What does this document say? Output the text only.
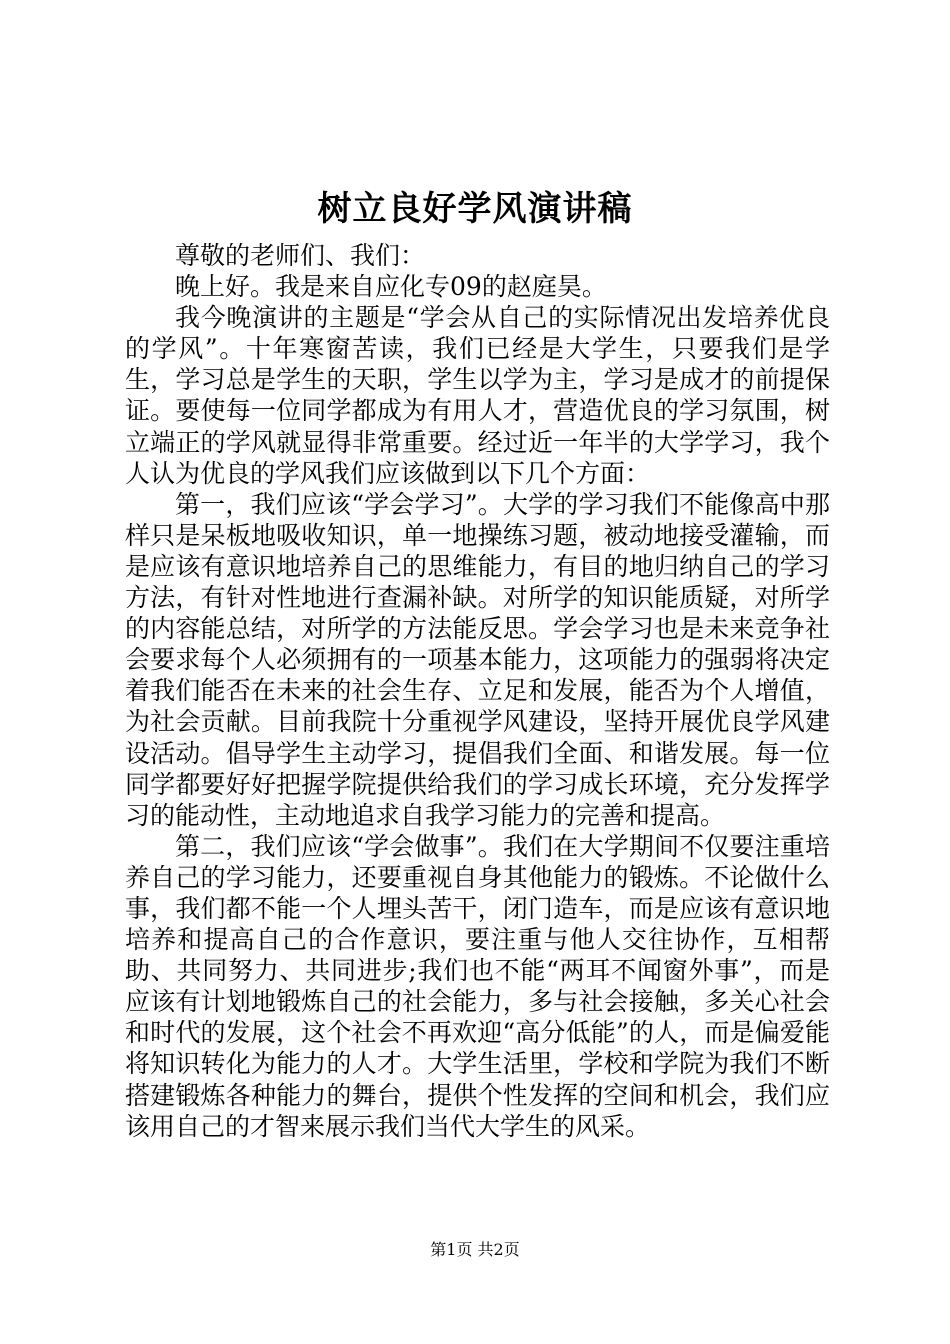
树立良好学风演讲稿

尊敬的老师们、我们：

晚上好。我是来自应化专09的赵庭昊。

我今晚演讲的主题是“学会从自己的实际情况出发培养优良的学风”。十年寒窗苦读，我们已经是大学生，只要我们是学生，学习总是学生的天职，学生以学为主，学习是成才的前提保证。要使每一位同学都成为有用人才，营造优良的学习氛围，树立端正的学风就显得非常重要。经过近一年半的大学学习，我个人认为优良的学风我们应该做到以下几个方面：

第一，我们应该“学会学习”。大学的学习我们不能像高中那样只是呆板地吸收知识，单一地操练习题，被动地接受灌输，而是应该有意识地培养自己的思维能力，有目的地归纳自己的学习方法，有针对性地进行查漏补缺。对所学的知识能质疑，对所学的内容能总结，对所学的方法能反思。学会学习也是未来竞争社会要求每个人必须拥有的一项基本能力，这项能力的强弱将决定着我们能否在未来的社会生存、立足和发展，能否为个人增值，为社会贡献。目前我院十分重视学风建设，坚持开展优良学风建设活动。倡导学生主动学习，提倡我们全面、和谐发展。每一位同学都要好好把握学院提供给我们的学习成长环境，充分发挥学习的能动性，主动地追求自我学习能力的完善和提高。

第二，我们应该“学会做事”。我们在大学期间不仅要注重培养自己的学习能力，还要重视自身其他能力的锻炼。不论做什么事，我们都不能一个人埋头苦干，闭门造车，而是应该有意识地培养和提高自己的合作意识，要注重与他人交往协作，互相帮助、共同努力、共同进步;我们也不能“两耳不闻窗外事”，而是应该有计划地锻炼自己的社会能力，多与社会接触，多关心社会和时代的发展，这个社会不再欢迎“高分低能”的人，而是偏爱能将知识转化为能力的人才。大学生活里，学校和学院为我们不断搭建锻炼各种能力的舞台，提供个性发挥的空间和机会，我们应该用自己的才智来展示我们当代大学生的风采。

第1页 共2页
